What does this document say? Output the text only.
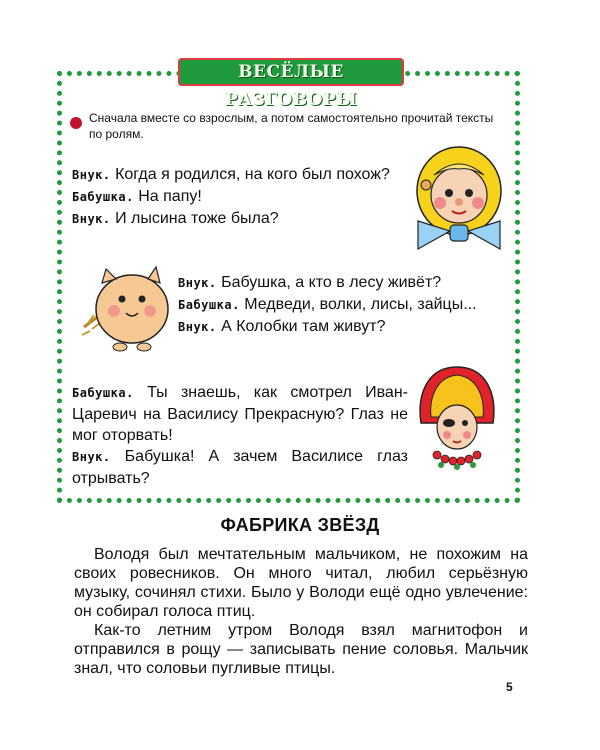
ВЕСЁЛЫЕ РАЗГОВОРЫ
Сначала вместе со взрослым, а потом самостоятельно прочитай тексты по ролям.

Внук. Когда я родился, на кого был похож?

Бабушка. На папу!

Внук. И лысина тоже была?

Внук. Бабушка, а кто в лесу живёт?

Бабушка. Медведи, волки, лисы, зайцы...

Внук. А Колобки там живут?

Бабушка. Ты знаешь, как смотрел Иван-Царевич на Василису Прекрасную? Глаз не мог оторвать!

Внук. Бабушка! А зачем Василисе глаз отрывать?

ФАБРИКА ЗВЁЗД

Володя был мечтательным мальчиком, не похожим на своих ровесников. Он много читал, любил серьёзную музыку, сочинял стихи. Было у Володи ещё одно увлечение: он собирал голоса птиц.

Как-то летним утром Володя взял магнитофон и отправился в рощу — записывать пение соловья. Мальчик знал, что соловьи пугливые птицы.

5
